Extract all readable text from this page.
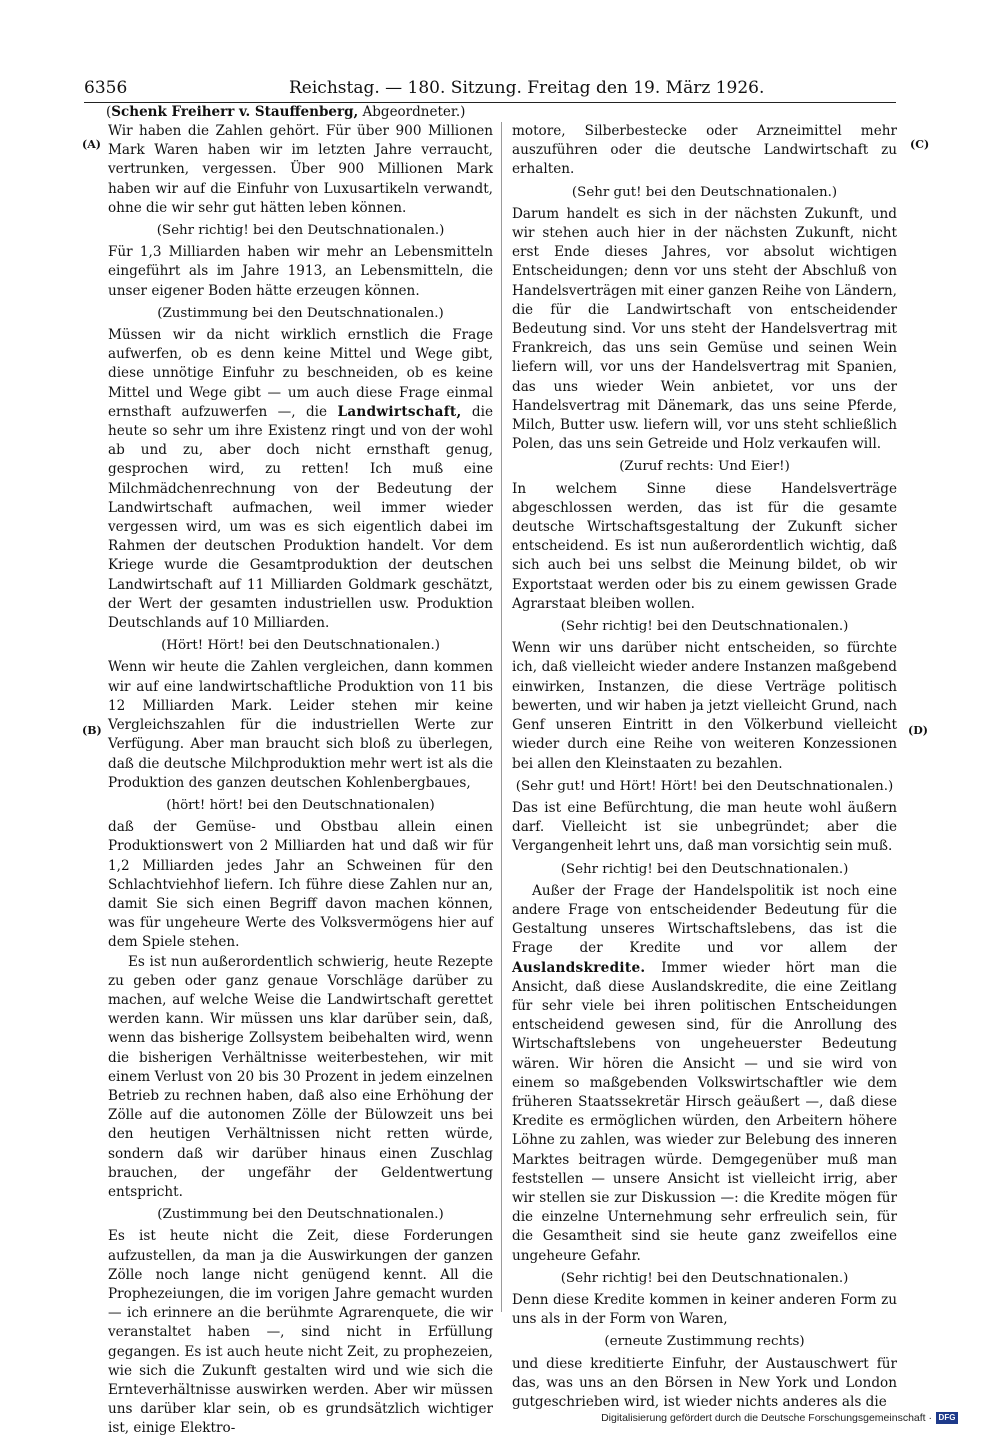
6356	Reichstag. — 180. Sitzung. Freitag den 19. März 1926.
(Schenk Freiherr v. Stauffenberg, Abgeordneter.)
(A)
(B)
(C)
(D)

Wir haben die Zahlen gehört. Für über 900 Millionen Mark Waren haben wir im letzten Jahre verraucht, vertrunken, vergessen. Über 900 Millionen Mark haben wir auf die Einfuhr von Luxusartikeln verwandt, ohne die wir sehr gut hätten leben können.

(Sehr richtig! bei den Deutschnationalen.)

Für 1,3 Milliarden haben wir mehr an Lebensmitteln eingeführt als im Jahre 1913, an Lebensmitteln, die unser eigener Boden hätte erzeugen können.

(Zustimmung bei den Deutschnationalen.)

Müssen wir da nicht wirklich ernstlich die Frage aufwerfen, ob es denn keine Mittel und Wege gibt, diese unnötige Einfuhr zu beschneiden, ob es keine Mittel und Wege gibt — um auch diese Frage einmal ernsthaft aufzuwerfen —, die Landwirtschaft, die heute so sehr um ihre Existenz ringt und von der wohl ab und zu, aber doch nicht ernsthaft genug, gesprochen wird, zu retten! Ich muß eine Milchmädchenrechnung von der Bedeutung der Landwirtschaft aufmachen, weil immer wieder vergessen wird, um was es sich eigentlich dabei im Rahmen der deutschen Produktion handelt. Vor dem Kriege wurde die Gesamtproduktion der deutschen Landwirtschaft auf 11 Milliarden Goldmark geschätzt, der Wert der gesamten industriellen usw. Produktion Deutschlands auf 10 Milliarden.

(Hört! Hört! bei den Deutschnationalen.)

Wenn wir heute die Zahlen vergleichen, dann kommen wir auf eine landwirtschaftliche Produktion von 11 bis 12 Milliarden Mark. Leider stehen mir keine Vergleichszahlen für die industriellen Werte zur Verfügung. Aber man braucht sich bloß zu überlegen, daß die deutsche Milchproduktion mehr wert ist als die Produktion des ganzen deutschen Kohlenbergbaues,

(hört! hört! bei den Deutschnationalen)

daß der Gemüse- und Obstbau allein einen Produktionswert von 2 Milliarden hat und daß wir für 1,2 Milliarden jedes Jahr an Schweinen für den Schlachtviehhof liefern. Ich führe diese Zahlen nur an, damit Sie sich einen Begriff davon machen können, was für ungeheure Werte des Volksvermögens hier auf dem Spiele stehen.

Es ist nun außerordentlich schwierig, heute Rezepte zu geben oder ganz genaue Vorschläge darüber zu machen, auf welche Weise die Landwirtschaft gerettet werden kann. Wir müssen uns klar darüber sein, daß, wenn das bisherige Zollsystem beibehalten wird, wenn die bisherigen Verhältnisse weiterbestehen, wir mit einem Verlust von 20 bis 30 Prozent in jedem einzelnen Betrieb zu rechnen haben, daß also eine Erhöhung der Zölle auf die autonomen Zölle der Bülowzeit uns bei den heutigen Verhältnissen nicht retten würde, sondern daß wir darüber hinaus einen Zuschlag brauchen, der ungefähr der Geldentwertung entspricht.

(Zustimmung bei den Deutschnationalen.)

Es ist heute nicht die Zeit, diese Forderungen aufzustellen, da man ja die Auswirkungen der ganzen Zölle noch lange nicht genügend kennt. All die Prophezeiungen, die im vorigen Jahre gemacht wurden — ich erinnere an die berühmte Agrarenquete, die wir veranstaltet haben —, sind nicht in Erfüllung gegangen. Es ist auch heute nicht Zeit, zu prophezeien, wie sich die Zukunft gestalten wird und wie sich die Ernteverhältnisse auswirken werden. Aber wir müssen uns darüber klar sein, ob es grundsätzlich wichtiger ist, einige Elektro-

motore, Silberbestecke oder Arzneimittel mehr auszuführen oder die deutsche Landwirtschaft zu erhalten.

(Sehr gut! bei den Deutschnationalen.)

Darum handelt es sich in der nächsten Zukunft, und wir stehen auch hier in der nächsten Zukunft, nicht erst Ende dieses Jahres, vor absolut wichtigen Entscheidungen; denn vor uns steht der Abschluß von Handelsverträgen mit einer ganzen Reihe von Ländern, die für die Landwirtschaft von entscheidender Bedeutung sind. Vor uns steht der Handelsvertrag mit Frankreich, das uns sein Gemüse und seinen Wein liefern will, vor uns der Handelsvertrag mit Spanien, das uns wieder Wein anbietet, vor uns der Handelsvertrag mit Dänemark, das uns seine Pferde, Milch, Butter usw. liefern will, vor uns steht schließlich Polen, das uns sein Getreide und Holz verkaufen will.

(Zuruf rechts: Und Eier!)

In welchem Sinne diese Handelsverträge abgeschlossen werden, das ist für die gesamte deutsche Wirtschaftsgestaltung der Zukunft sicher entscheidend. Es ist nun außerordentlich wichtig, daß sich auch bei uns selbst die Meinung bildet, ob wir Exportstaat werden oder bis zu einem gewissen Grade Agrarstaat bleiben wollen.

(Sehr richtig! bei den Deutschnationalen.)

Wenn wir uns darüber nicht entscheiden, so fürchte ich, daß vielleicht wieder andere Instanzen maßgebend einwirken, Instanzen, die diese Verträge politisch bewerten, und wir haben ja jetzt vielleicht Grund, nach Genf unseren Eintritt in den Völkerbund vielleicht wieder durch eine Reihe von weiteren Konzessionen bei allen den Kleinstaaten zu bezahlen.

(Sehr gut! und Hört! Hört! bei den Deutschnationalen.)

Das ist eine Befürchtung, die man heute wohl äußern darf. Vielleicht ist sie unbegründet; aber die Vergangenheit lehrt uns, daß man vorsichtig sein muß.

(Sehr richtig! bei den Deutschnationalen.)

Außer der Frage der Handelspolitik ist noch eine andere Frage von entscheidender Bedeutung für die Gestaltung unseres Wirtschaftslebens, das ist die Frage der Kredite und vor allem der Auslandskredite. Immer wieder hört man die Ansicht, daß diese Auslandskredite, die eine Zeitlang für sehr viele bei ihren politischen Entscheidungen entscheidend gewesen sind, für die Anrollung des Wirtschaftslebens von ungeheuerster Bedeutung wären. Wir hören die Ansicht — und sie wird von einem so maßgebenden Volkswirtschaftler wie dem früheren Staatssekretär Hirsch geäußert —, daß diese Kredite es ermöglichen würden, den Arbeitern höhere Löhne zu zahlen, was wieder zur Belebung des inneren Marktes beitragen würde. Demgegenüber muß man feststellen — unsere Ansicht ist vielleicht irrig, aber wir stellen sie zur Diskussion —: die Kredite mögen für die einzelne Unternehmung sehr erfreulich sein, für die Gesamtheit sind sie heute ganz zweifellos eine ungeheure Gefahr.

(Sehr richtig! bei den Deutschnationalen.)

Denn diese Kredite kommen in keiner anderen Form zu uns als in der Form von Waren,

(erneute Zustimmung rechts)

und diese kreditierte Einfuhr, der Austauschwert für das, was uns an den Börsen in New York und London gutgeschrieben wird, ist wieder nichts anderes als die

Digitalisierung gefördert durch die Deutsche Forschungsgemeinschaft · DFG
